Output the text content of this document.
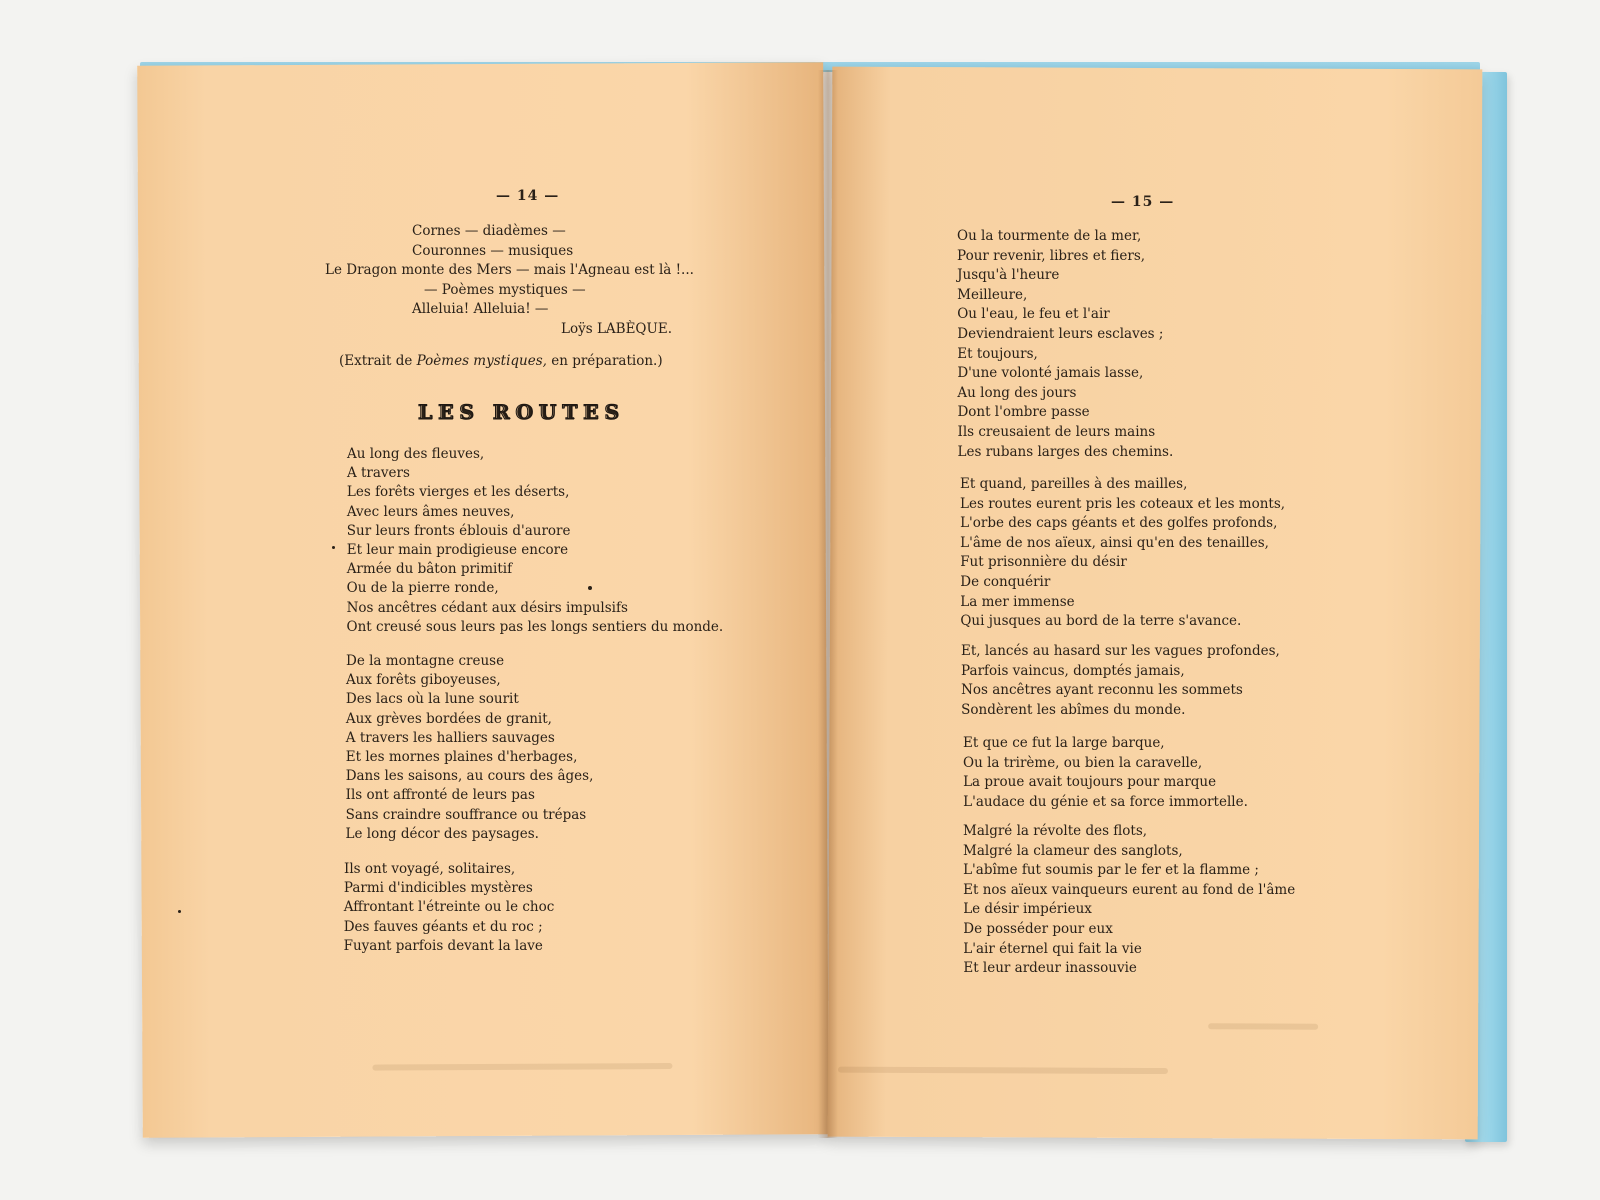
— 14 —
Cornes — diadèmes —
Couronnes — musiques
Le Dragon monte des Mers — mais l'Agneau est là !...
— Poèmes mystiques —
Alleluia! Alleluia! —
Loÿs LABÈQUE.
(Extrait de Poèmes mystiques, en préparation.)
LES ROUTES
Au long des fleuves,
A travers
Les forêts vierges et les déserts,
Avec leurs âmes neuves,
Sur leurs fronts éblouis d'aurore
Et leur main prodigieuse encore
Armée du bâton primitif
Ou de la pierre ronde,
Nos ancêtres cédant aux désirs impulsifs
Ont creusé sous leurs pas les longs sentiers du monde.
De la montagne creuse
Aux forêts giboyeuses,
Des lacs où la lune sourit
Aux grèves bordées de granit,
A travers les halliers sauvages
Et les mornes plaines d'herbages,
Dans les saisons, au cours des âges,
Ils ont affronté de leurs pas
Sans craindre souffrance ou trépas
Le long décor des paysages.
Ils ont voyagé, solitaires,
Parmi d'indicibles mystères
Affrontant l'étreinte ou le choc
Des fauves géants et du roc ;
Fuyant parfois devant la lave
— 15 —
Ou la tourmente de la mer,
Pour revenir, libres et fiers,
Jusqu'à l'heure
Meilleure,
Ou l'eau, le feu et l'air
Deviendraient leurs esclaves ;
Et toujours,
D'une volonté jamais lasse,
Au long des jours
Dont l'ombre passe
Ils creusaient de leurs mains
Les rubans larges des chemins.
Et quand, pareilles à des mailles,
Les routes eurent pris les coteaux et les monts,
L'orbe des caps géants et des golfes profonds,
L'âme de nos aïeux, ainsi qu'en des tenailles,
Fut prisonnière du désir
De conquérir
La mer immense
Qui jusques au bord de la terre s'avance.
Et, lancés au hasard sur les vagues profondes,
Parfois vaincus, domptés jamais,
Nos ancêtres ayant reconnu les sommets
Sondèrent les abîmes du monde.
Et que ce fut la large barque,
Ou la trirème, ou bien la caravelle,
La proue avait toujours pour marque
L'audace du génie et sa force immortelle.
Malgré la révolte des flots,
Malgré la clameur des sanglots,
L'abîme fut soumis par le fer et la flamme ;
Et nos aïeux vainqueurs eurent au fond de l'âme
Le désir impérieux
De posséder pour eux
L'air éternel qui fait la vie
Et leur ardeur inassouvie
